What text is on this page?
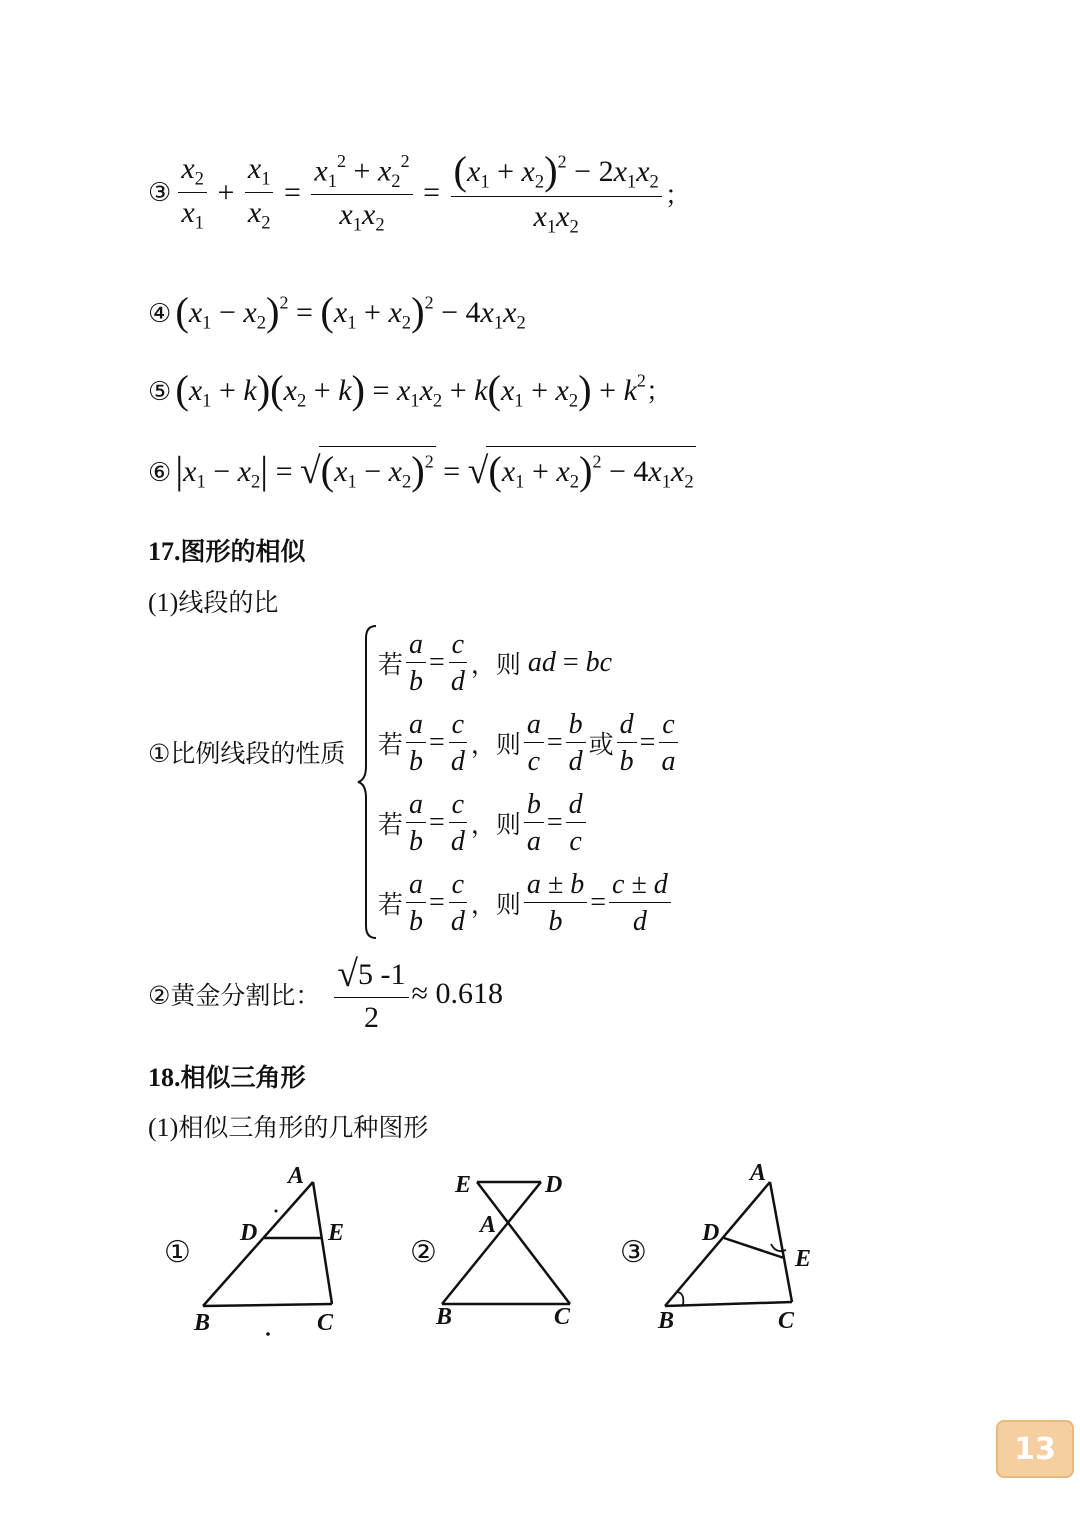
③ $\frac{x_2}{x_1} + \frac{x_1}{x_2} = \frac{x_1^2 + x_2^2}{x_1x_2} = \frac{(x_1 + x_2)^2 - 2x_1x_2}{x_1x_2}$ ；
$④(x_1 - x_2)^2 = (x_1 + x_2)^2 - 4x_1x_2$
$⑤(x_1 + k)(x_2 + k) = x_1x_2 + k(x_1 + x_2) + k^2$；
⑥ $|x_1 - x_2| = √(x_1 - x_2)^2 = √(x_1 + x_2)^2 - 4x_1x_2$
17.图形的相似
(1)线段的比
①比例线段的性质
若 $\frac{a}{b} = \frac{c}{d}$ ，则 ad = bc
若 $\frac{a}{b} = \frac{c}{d}$ ，则 $\frac{a}{c} = \frac{b}{d}$ 或 $\frac{d}{b} = \frac{c}{a}$
若 $\frac{a}{b} = \frac{c}{d}$ ，则 $\frac{b}{a} = \frac{d}{c}$
若 $\frac{a}{b} = \frac{c}{d}$ ，则 $\frac{a \pm b}{b} = \frac{c \pm d}{d}$
②黄金分割比： $\frac{√5 -1}{2} \approx 0.618$
18.相似三角形
(1)相似三角形的几种图形
①
A
D	E
B	C
②
E	D
A
B	C
③
A
D
E
B	C
13
